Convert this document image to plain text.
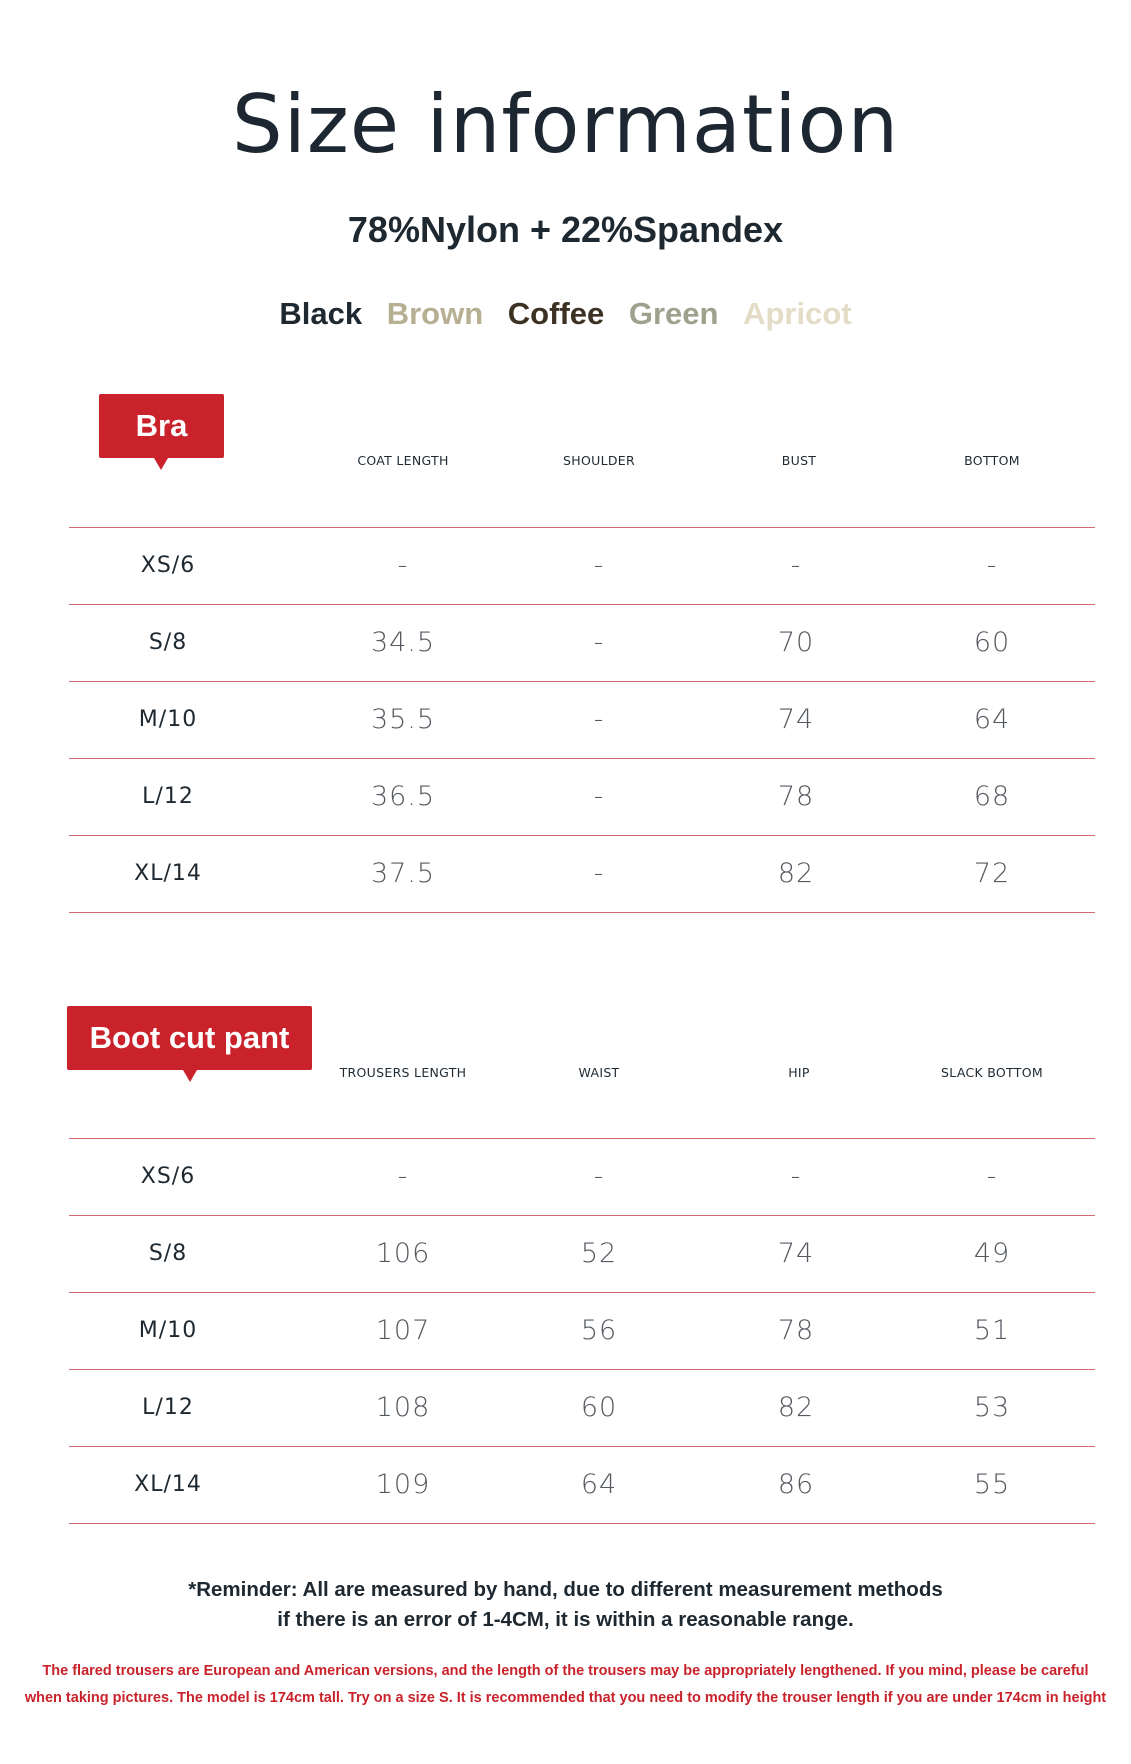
Size information
78%Nylon + 22%Spandex
Black Brown Coffee Green Apricot
Bra
COAT LENGTH	SHOULDER	BUST	BOTTOM
XS/6	-	-	-	-
S/8	34.5	-	70	60
M/10	35.5	-	74	64
L/12	36.5	-	78	68
XL/14	37.5	-	82	72
Boot cut pant
TROUSERS LENGTH	WAIST	HIP	SLACK BOTTOM
XS/6	-	-	-	-
S/8	106	52	74	49
M/10	107	56	78	51
L/12	108	60	82	53
XL/14	109	64	86	55
*Reminder: All are measured by hand, due to different measurement methods
if there is an error of 1-4CM, it is within a reasonable range.
The flared trousers are European and American versions, and the length of the trousers may be appropriately lengthened. If you mind, please be careful
when taking pictures. The model is 174cm tall. Try on a size S. It is recommended that you need to modify the trouser length if you are under 174cm in height
